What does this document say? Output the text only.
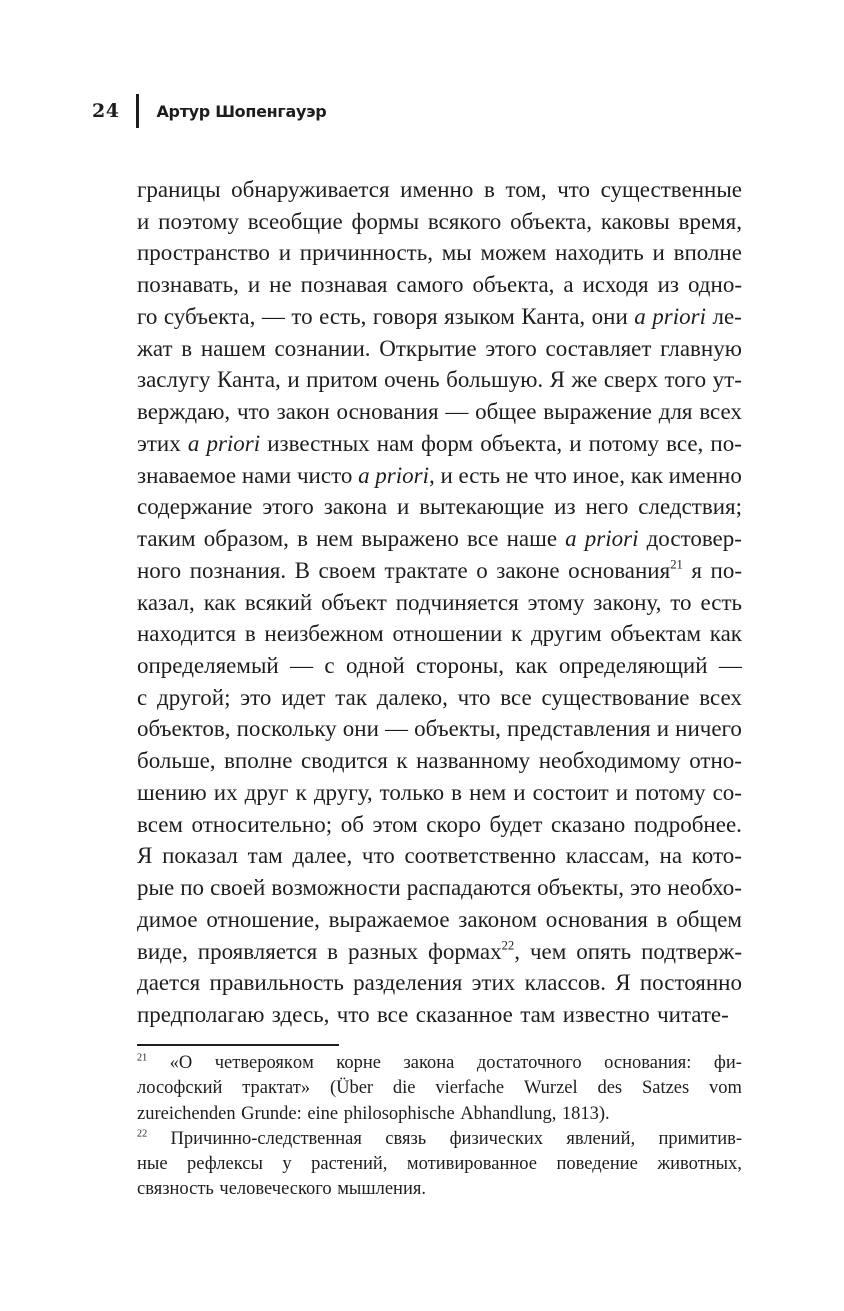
24 Артур Шопенгауэр
границы обнаруживается именно в том, что существенные
и поэтому всеобщие формы всякого объекта, каковы время,
пространство и причинность, мы можем находить и вполне
познавать, и не познавая самого объекта, а исходя из одно-
го субъекта, — то есть, говоря языком Канта, они a priori ле-
жат в нашем сознании. Открытие этого составляет главную
заслугу Канта, и притом очень большую. Я же сверх того ут-
верждаю, что закон основания — общее выражение для всех
этих a priori известных нам форм объекта, и потому все, по-
знаваемое нами чисто a priori, и есть не что иное, как именно
содержание этого закона и вытекающие из него следствия;
таким образом, в нем выражено все наше a priori достовер-
ного познания. В своем трактате о законе основания$^{21}$ я по-
казал, как всякий объект подчиняется этому закону, то есть
находится в неизбежном отношении к другим объектам как
определяемый — с одной стороны, как определяющий —
с другой; это идет так далеко, что все существование всех
объектов, поскольку они — объекты, представления и ничего
больше, вполне сводится к названному необходимому отно-
шению их друг к другу, только в нем и состоит и потому со-
всем относительно; об этом скоро будет сказано подробнее.
Я показал там далее, что соответственно классам, на кото-
рые по своей возможности распадаются объекты, это необхо-
димое отношение, выражаемое законом основания в общем
виде, проявляется в разных формах$^{22}$, чем опять подтверж-
дается правильность разделения этих классов. Я постоянно
предполагаю здесь, что все сказанное там известно читате-
$^{21}$ «О четвероякoм корне закона достаточного основания: фи-
лософский трактат» (Über die vierfache Wurzel des Satzes vom
zureichenden Grunde: eine philosophische Abhandlung, 1813).
$^{22}$ Причинно-следственная связь физических явлений, примитив-
ные рефлексы у растений, мотивированное поведение животных,
связность человеческого мышления.
